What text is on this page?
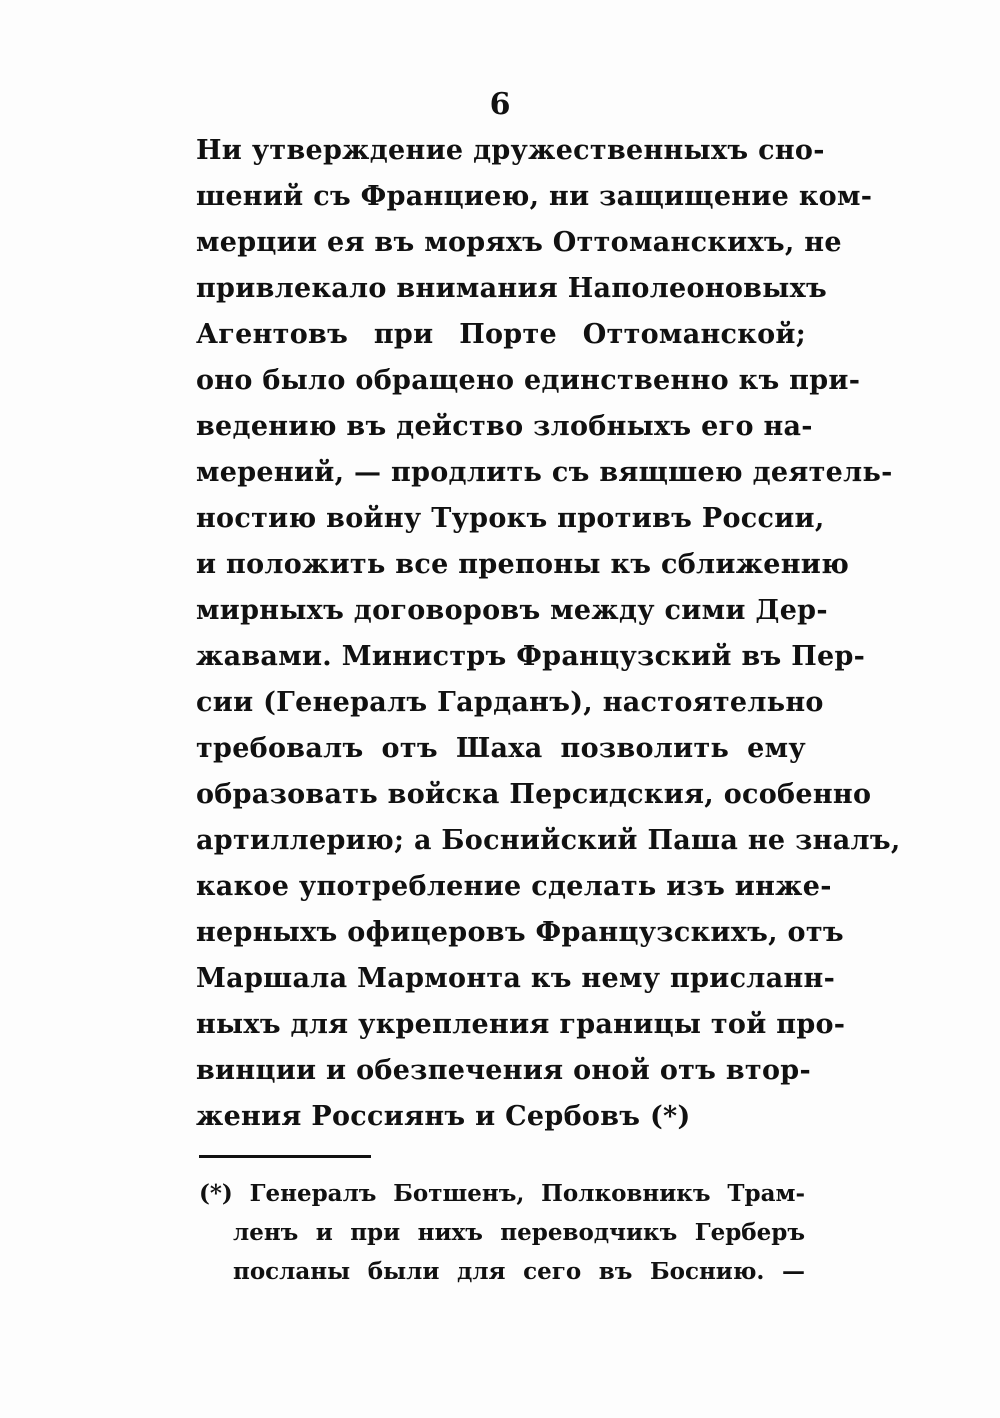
6
Ни утверждение дружественныхъ сно-
шений съ Франциею, ни защищение ком-
мерции ея въ моряхъ Оттоманскихъ, не
привлекало внимания Наполеоновыхъ
Агентовъ при Порте Оттоманской;
оно было обращено единственно къ при-
ведению въ действо злобныхъ его на-
мерений, — продлить съ вящшею деятель-
ностию войну Турокъ противъ России,
и положить все препоны къ сближению
мирныхъ договоровъ между сими Дер-
жавами. Министръ Французский въ Пер-
сии (Генералъ Гарданъ), настоятельно
требовалъ отъ Шаха позволить ему
образовать войска Персидския, особенно
артиллерию; а Боснийский Паша не зналъ,
какое употребление сделать изъ инже-
нерныхъ офицеровъ Французскихъ, отъ
Маршала Мармонта къ нему присланн-
ныхъ для укрепления границы той про-
винции и обезпечения оной отъ втор-
жения Россиянъ и Сербовъ (*)
(*) Генералъ Ботшенъ, Полковникъ Трам-
ленъ и при нихъ переводчикъ Герберъ
посланы были для сего въ Боснию. —
